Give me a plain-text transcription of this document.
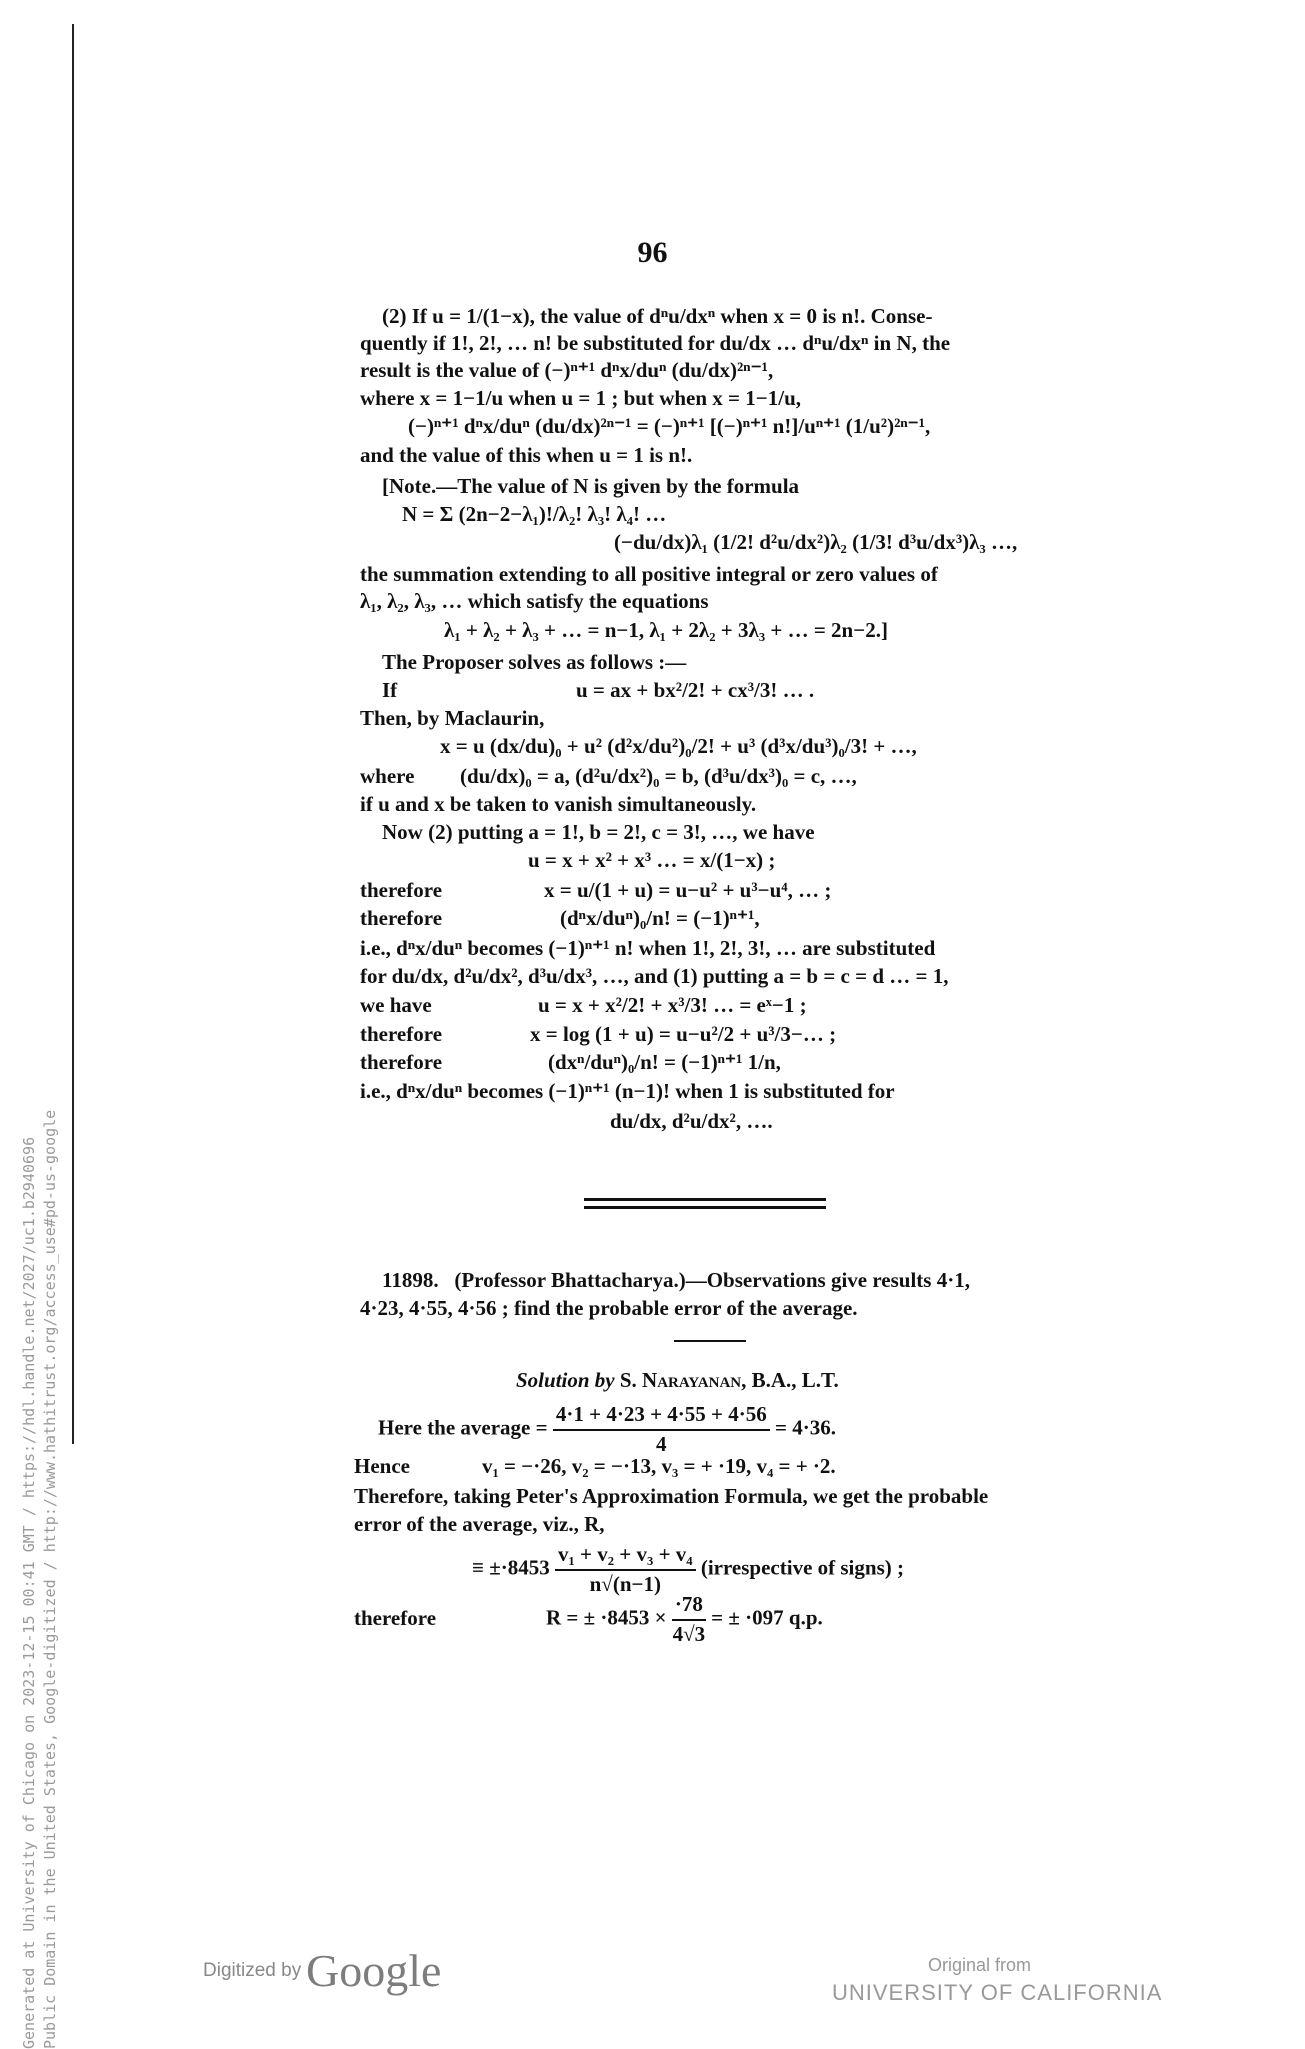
Generated at University of Chicago on 2023-12-15 00:41 GMT / https://hdl.handle.net/2027/uc1.b2940696 Public Domain in the United States, Google-digitized / http://www.hathitrust.org/access_use#pd-us-google
96
(2) If u = 1/(1−x), the value of dⁿu/dxⁿ when x = 0 is n!. Conse-
quently if 1!, 2!, … n! be substituted for du/dx … dⁿu/dxⁿ in N, the
result is the value of (−)ⁿ⁺¹ dⁿx/duⁿ (du/dx)²ⁿ⁻¹,
where x = 1−1/u when u = 1 ; but when x = 1−1/u,
(−)ⁿ⁺¹ dⁿx/duⁿ (du/dx)²ⁿ⁻¹ = (−)ⁿ⁺¹ [(−)ⁿ⁺¹ n!]/uⁿ⁺¹ (1/u²)²ⁿ⁻¹,
and the value of this when u = 1 is n!.
[Note.—The value of N is given by the formula
N = Σ (2n−2−λ₁)!/λ₂! λ₃! λ₄! …
(−du/dx)λ₁ (1/2! d²u/dx²)λ₂ (1/3! d³u/dx³)λ₃ …,
the summation extending to all positive integral or zero values of
λ₁, λ₂, λ₃, … which satisfy the equations
λ₁ + λ₂ + λ₃ + … = n−1, λ₁ + 2λ₂ + 3λ₃ + … = 2n−2.]
The Proposer solves as follows :—
If	u = ax + bx²/2! + cx³/3! … .
Then, by Maclaurin,
x = u (dx/du)₀ + u² (d²x/du²)₀/2! + u³ (d³x/du³)₀/3! + …,
where (du/dx)₀ = a, (d²u/dx²)₀ = b, (d³u/dx³)₀ = c, …,
if u and x be taken to vanish simultaneously.
Now (2) putting a = 1!, b = 2!, c = 3!, …, we have
u = x + x² + x³ … = x/(1−x) ;
therefore	x = u/(1 + u) = u−u² + u³−u⁴, … ;
therefore	(dⁿx/duⁿ)₀/n! = (−1)ⁿ⁺¹,
i.e., dⁿx/duⁿ becomes (−1)ⁿ⁺¹ n! when 1!, 2!, 3!, … are substituted
for du/dx, d²u/dx², d³u/dx³, …, and (1) putting a = b = c = d … = 1,
we have	u = x + x²/2! + x³/3! … = eˣ−1 ;
therefore	x = log (1 + u) = u−u²/2 + u³/3−… ;
therefore	(dxⁿ/duⁿ)₀/n! = (−1)ⁿ⁺¹ 1/n,
i.e., dⁿx/duⁿ becomes (−1)ⁿ⁺¹ (n−1)! when 1 is substituted for
du/dx, d²u/dx², ….
11898. (Professor Bhattacharya.)—Observations give results 4·1,
4·23, 4·55, 4·56 ; find the probable error of the average.
Solution by S. Narayanan, B.A., L.T.
Here the average = $\frac{4\cdot 1 + 4\cdot 23 + 4\cdot 55 + 4\cdot 56}{4} = 4\cdot 36$.
Hence	v₁ = −·26, v₂ = −·13, v₃ = + ·19, v₄ = + ·2.
Therefore, taking Peter's Approximation Formula, we get the probable
error of the average, viz., R,
≡ $\pm\cdot 8453 \frac{\text{v₁ + v₂ + v₃ + v₄}}{n√(n-1)}$ (irrespective of signs) ;
therefore	R = ± $\cdot 8453 \times \frac{\cdot 78}{4√3}$ = ± ·097 q.p.
Digitized by Google	Original from
UNIVERSITY OF CALIFORNIA
